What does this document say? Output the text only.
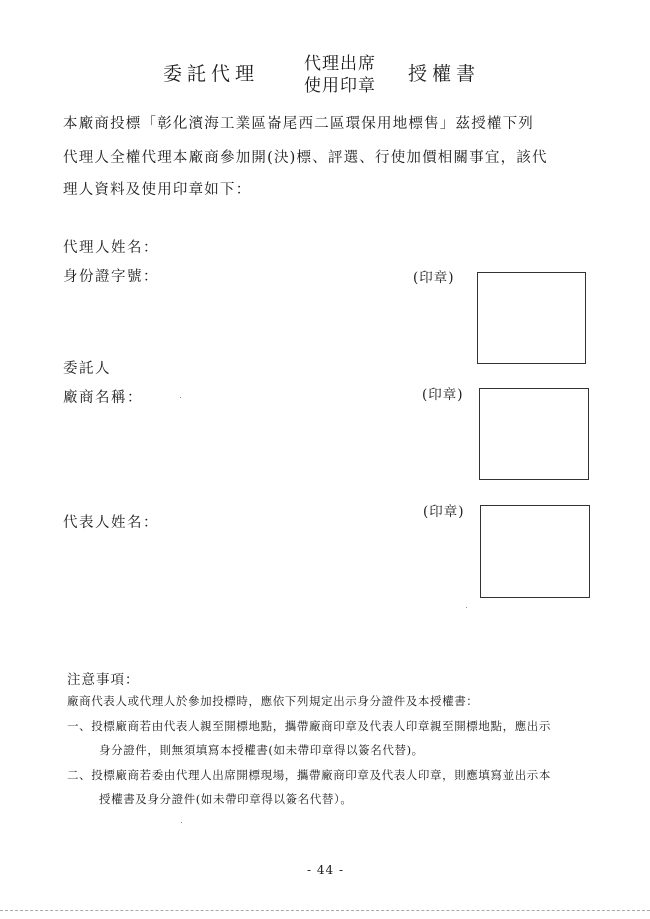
委託代理	代理出席
使用印章
授權書
本廠商投標「彰化濱海工業區崙尾西二區環保用地標售」茲授權下列
代理人全權代理本廠商參加開(決)標、評選、行使加價相關事宜，該代
理人資料及使用印章如下：
代理人姓名：
身份證字號：	(印章)
委託人
廠商名稱：	(印章)
代表人姓名：
(印章)
注意事項：
廠商代表人或代理人於參加投標時，應依下列規定出示身分證件及本授權書：
一、投標廠商若由代表人親至開標地點，攜帶廠商印章及代表人印章親至開標地點，應出示
身分證件，則無須填寫本授權書(如未帶印章得以簽名代替)。
二、投標廠商若委由代理人出席開標現場，攜帶廠商印章及代表人印章，則應填寫並出示本
授權書及身分證件(如未帶印章得以簽名代替）。
- 44 -
